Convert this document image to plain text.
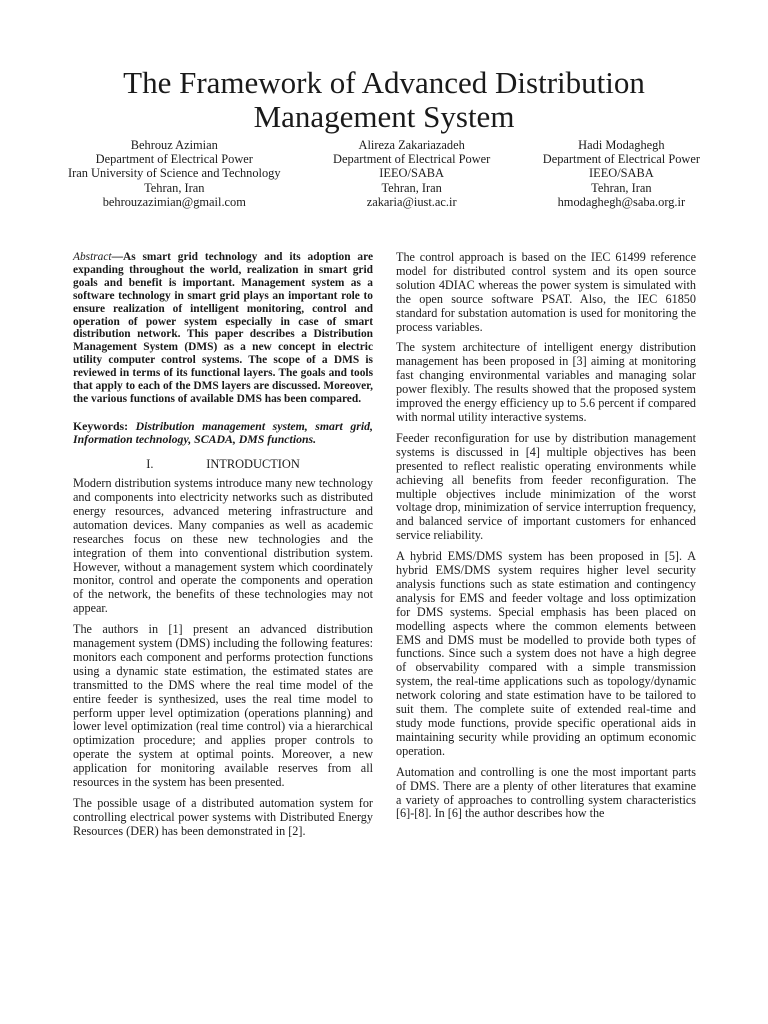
The Framework of Advanced Distribution
Management System
Behrouz Azimian
Department of Electrical Power
Iran University of Science and Technology
Tehran, Iran
behrouzazimian@gmail.com
Alireza Zakariazadeh
Department of Electrical Power
IEEO/SABA
Tehran, Iran
zakaria@iust.ac.ir
Hadi Modaghegh
Department of Electrical Power
IEEO/SABA
Tehran, Iran
hmodaghegh@saba.org.ir

Abstract—As smart grid technology and its adoption are expanding throughout the world, realization in smart grid goals and benefit is important. Management system as a software technology in smart grid plays an important role to ensure realization of intelligent monitoring, control and operation of power system especially in case of smart distribution network. This paper describes a Distribution Management System (DMS) as a new concept in electric utility computer control systems. The scope of a DMS is reviewed in terms of its functional layers. The goals and tools that apply to each of the DMS layers are discussed. Moreover, the various functions of available DMS has been compared.

Keywords: Distribution management system, smart grid, Information technology, SCADA, DMS functions.

I.	INTRODUCTION

Modern distribution systems introduce many new technology and components into electricity networks such as distributed energy resources, advanced metering infrastructure and automation devices. Many companies as well as academic researches focus on these new technologies and the integration of them into conventional distribution system. However, without a management system which coordinately monitor, control and operate the components and operation of the network, the benefits of these technologies may not appear.

The authors in [1] present an advanced distribution management system (DMS) including the following features: monitors each component and performs protection functions using a dynamic state estimation, the estimated states are transmitted to the DMS where the real time model of the entire feeder is synthesized, uses the real time model to perform upper level optimization (operations planning) and lower level optimization (real time control) via a hierarchical optimization procedure; and applies proper controls to operate the system at optimal points. Moreover, a new application for monitoring available reserves from all resources in the system has been presented.

The possible usage of a distributed automation system for controlling electrical power systems with Distributed Energy Resources (DER) has been demonstrated in [2].

The control approach is based on the IEC 61499 reference model for distributed control system and its open source solution 4DIAC whereas the power system is simulated with the open source software PSAT. Also, the IEC 61850 standard for substation automation is used for monitoring the process variables.

The system architecture of intelligent energy distribution management has been proposed in [3] aiming at monitoring fast changing environmental variables and managing solar power flexibly. The results showed that the proposed system improved the energy efficiency up to 5.6 percent if compared with normal utility interactive systems.

Feeder reconfiguration for use by distribution management systems is discussed in [4] multiple objectives has been presented to reflect realistic operating environments while achieving all benefits from feeder reconfiguration. The multiple objectives include minimization of the worst voltage drop, minimization of service interruption frequency, and balanced service of important customers for enhanced service reliability.

A hybrid EMS/DMS system has been proposed in [5]. A hybrid EMS/DMS system requires higher level security analysis functions such as state estimation and contingency analysis for EMS and feeder voltage and loss optimization for DMS systems. Special emphasis has been placed on modelling aspects where the common elements between EMS and DMS must be modelled to provide both types of functions. Since such a system does not have a high degree of observability compared with a simple transmission system, the real-time applications such as topology/dynamic network coloring and state estimation have to be tailored to suit them. The complete suite of extended real-time and study mode functions, provide specific operational aids in maintaining security while providing an optimum economic operation.

Automation and controlling is one the most important parts of DMS. There are a plenty of other literatures that examine a variety of approaches to controlling system characteristics [6]-[8]. In [6] the author describes how the
